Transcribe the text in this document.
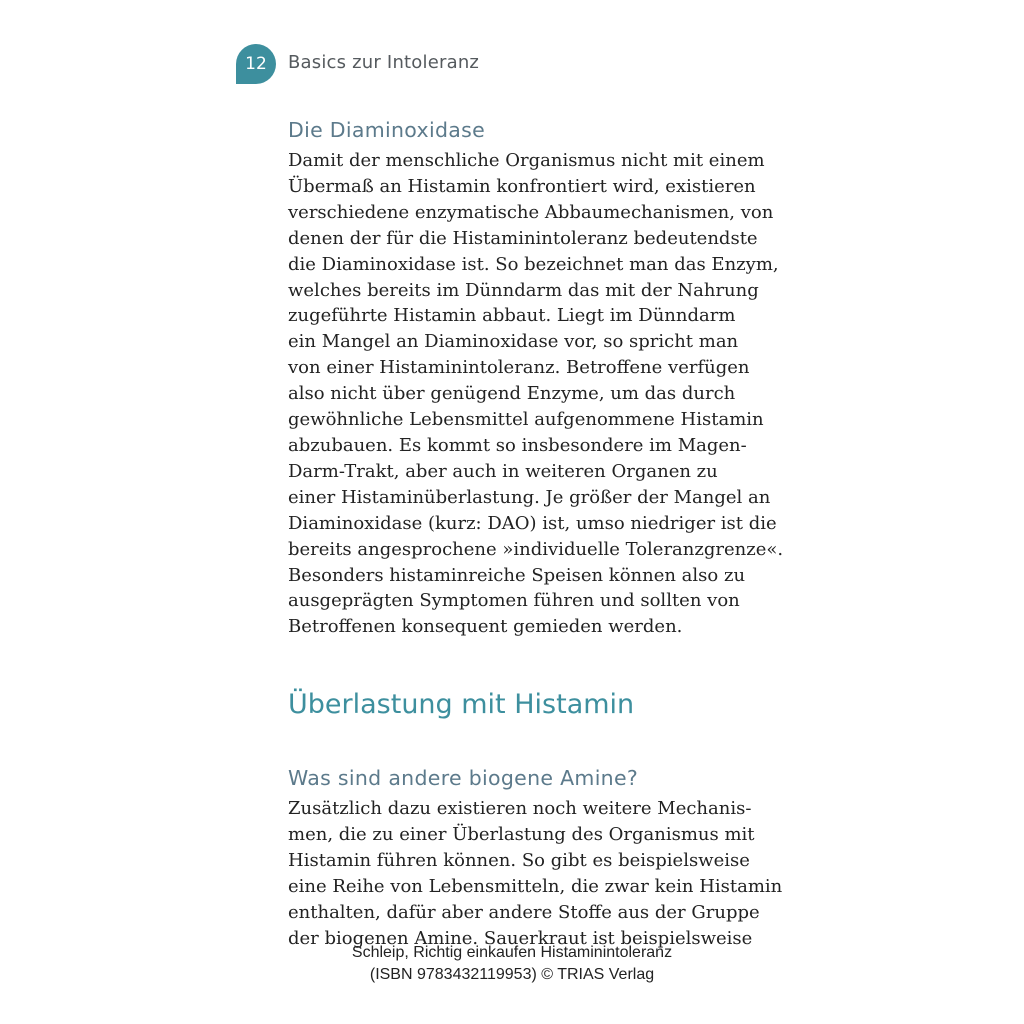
12 Basics zur Intoleranz
Die Diaminoxidase
Damit der menschliche Organismus nicht mit einem
Übermaß an Histamin konfrontiert wird, existieren
verschiedene enzymatische Abbaumechanismen, von
denen der für die Histaminintoleranz bedeutendste
die Diaminoxidase ist. So bezeichnet man das Enzym,
welches bereits im Dünndarm das mit der Nahrung
zugeführte Histamin abbaut. Liegt im Dünndarm
ein Mangel an Diaminoxidase vor, so spricht man
von einer Histaminintoleranz. Betroffene verfügen
also nicht über genügend Enzyme, um das durch
gewöhnliche Lebensmittel aufgenommene Histamin
abzubauen. Es kommt so insbesondere im Magen-
Darm-Trakt, aber auch in weiteren Organen zu
einer Histaminüberlastung. Je größer der Mangel an
Diaminoxidase (kurz: DAO) ist, umso niedriger ist die
bereits angesprochene »individuelle Toleranzgrenze«.
Besonders histaminreiche Speisen können also zu
ausgeprägten Symptomen führen und sollten von
Betroffenen konsequent gemieden werden.
Überlastung mit Histamin
Was sind andere biogene Amine?
Zusätzlich dazu existieren noch weitere Mechanis-
men, die zu einer Überlastung des Organismus mit
Histamin führen können. So gibt es beispielsweise
eine Reihe von Lebensmitteln, die zwar kein Histamin
enthalten, dafür aber andere Stoffe aus der Gruppe
der biogenen Amine. Sauerkraut ist beispielsweise
Schleip, Richtig einkaufen Histaminintoleranz
(ISBN 9783432119953) © TRIAS Verlag
